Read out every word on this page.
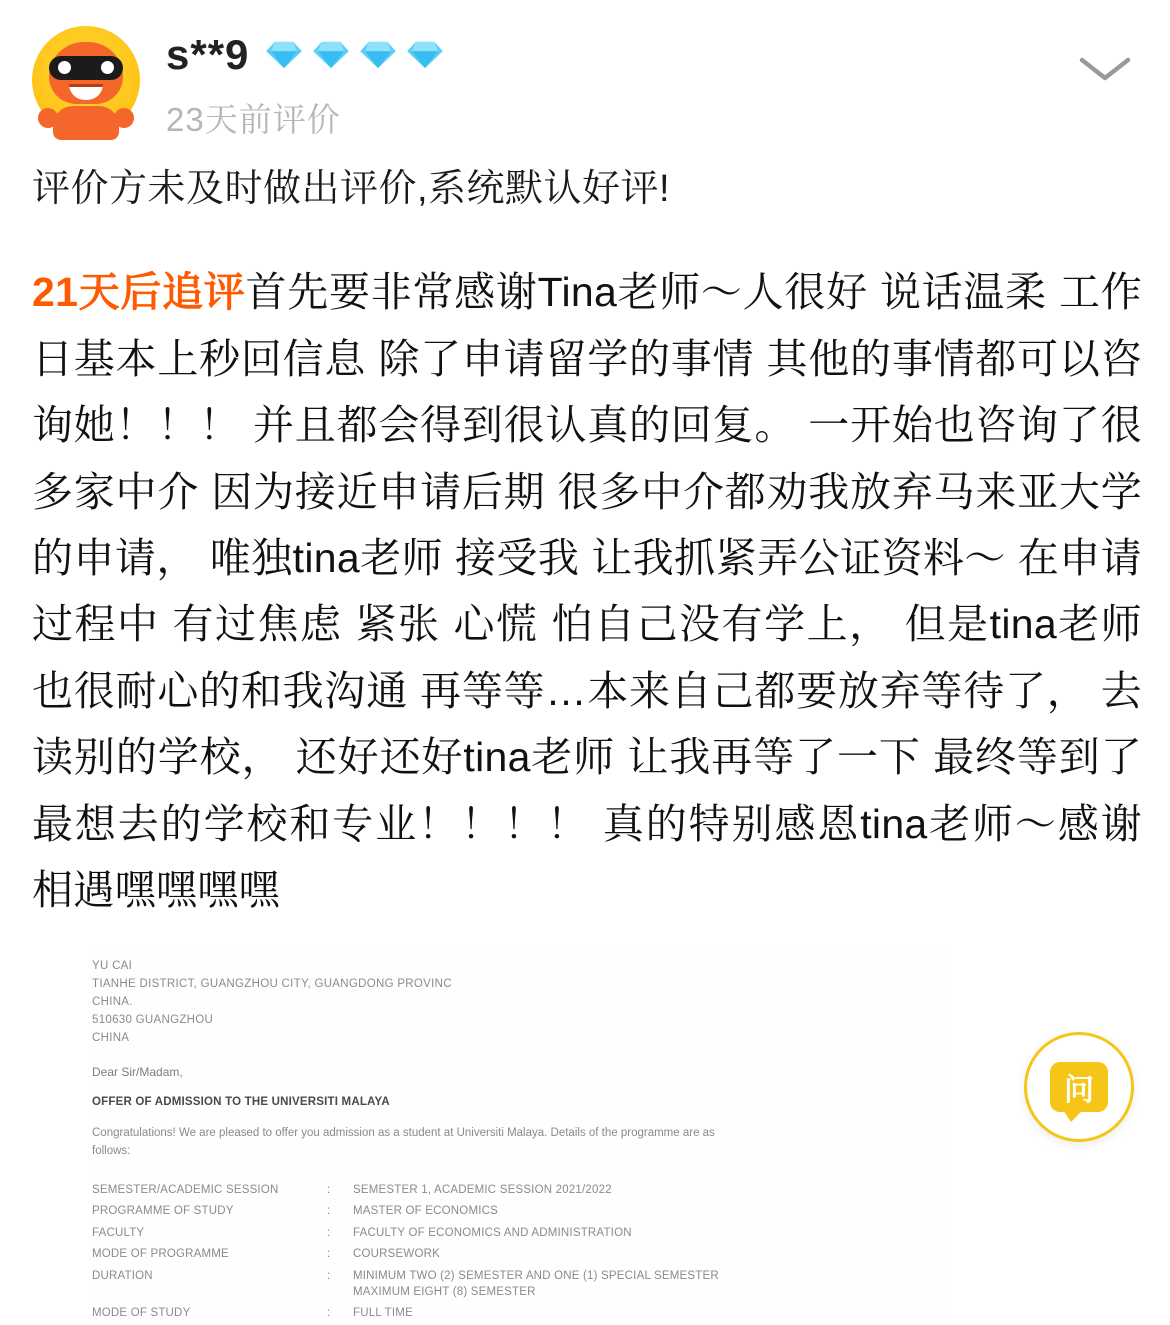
s**9
23天前评价
评价方未及时做出评价,系统默认好评!
21天后追评首先要非常感谢Tina老师～人很好 说话温柔 工作日基本上秒回信息 除了申请留学的事情 其他的事情都可以咨询她！！！ 并且都会得到很认真的回复。 一开始也咨询了很多家中介 因为接近申请后期 很多中介都劝我放弃马来亚大学的申请， 唯独tina老师 接受我 让我抓紧弄公证资料～ 在申请过程中 有过焦虑 紧张 心慌 怕自己没有学上， 但是tina老师 也很耐心的和我沟通 再等等…本来自己都要放弃等待了， 去读别的学校， 还好还好tina老师 让我再等了一下 最终等到了最想去的学校和专业！！！！ 真的特别感恩tina老师～感谢相遇嘿嘿嘿嘿
YU CAI
TIANHE DISTRICT, GUANGZHOU CITY, GUANGDONG PROVINC
CHINA.
510630 GUANGZHOU
CHINA
Dear Sir/Madam,
OFFER OF ADMISSION TO THE UNIVERSITI MALAYA
Congratulations! We are pleased to offer you admission as a student at Universiti Malaya. Details of the programme are as follows:
SEMESTER/ACADEMIC SESSION	:	SEMESTER 1, ACADEMIC SESSION 2021/2022
PROGRAMME OF STUDY	:	MASTER OF ECONOMICS
FACULTY	:	FACULTY OF ECONOMICS AND ADMINISTRATION
MODE OF PROGRAMME	:	COURSEWORK
DURATION	:	MINIMUM TWO (2) SEMESTER AND ONE (1) SPECIAL SEMESTER
MAXIMUM EIGHT (8) SEMESTER
MODE OF STUDY	:	FULL TIME
问
